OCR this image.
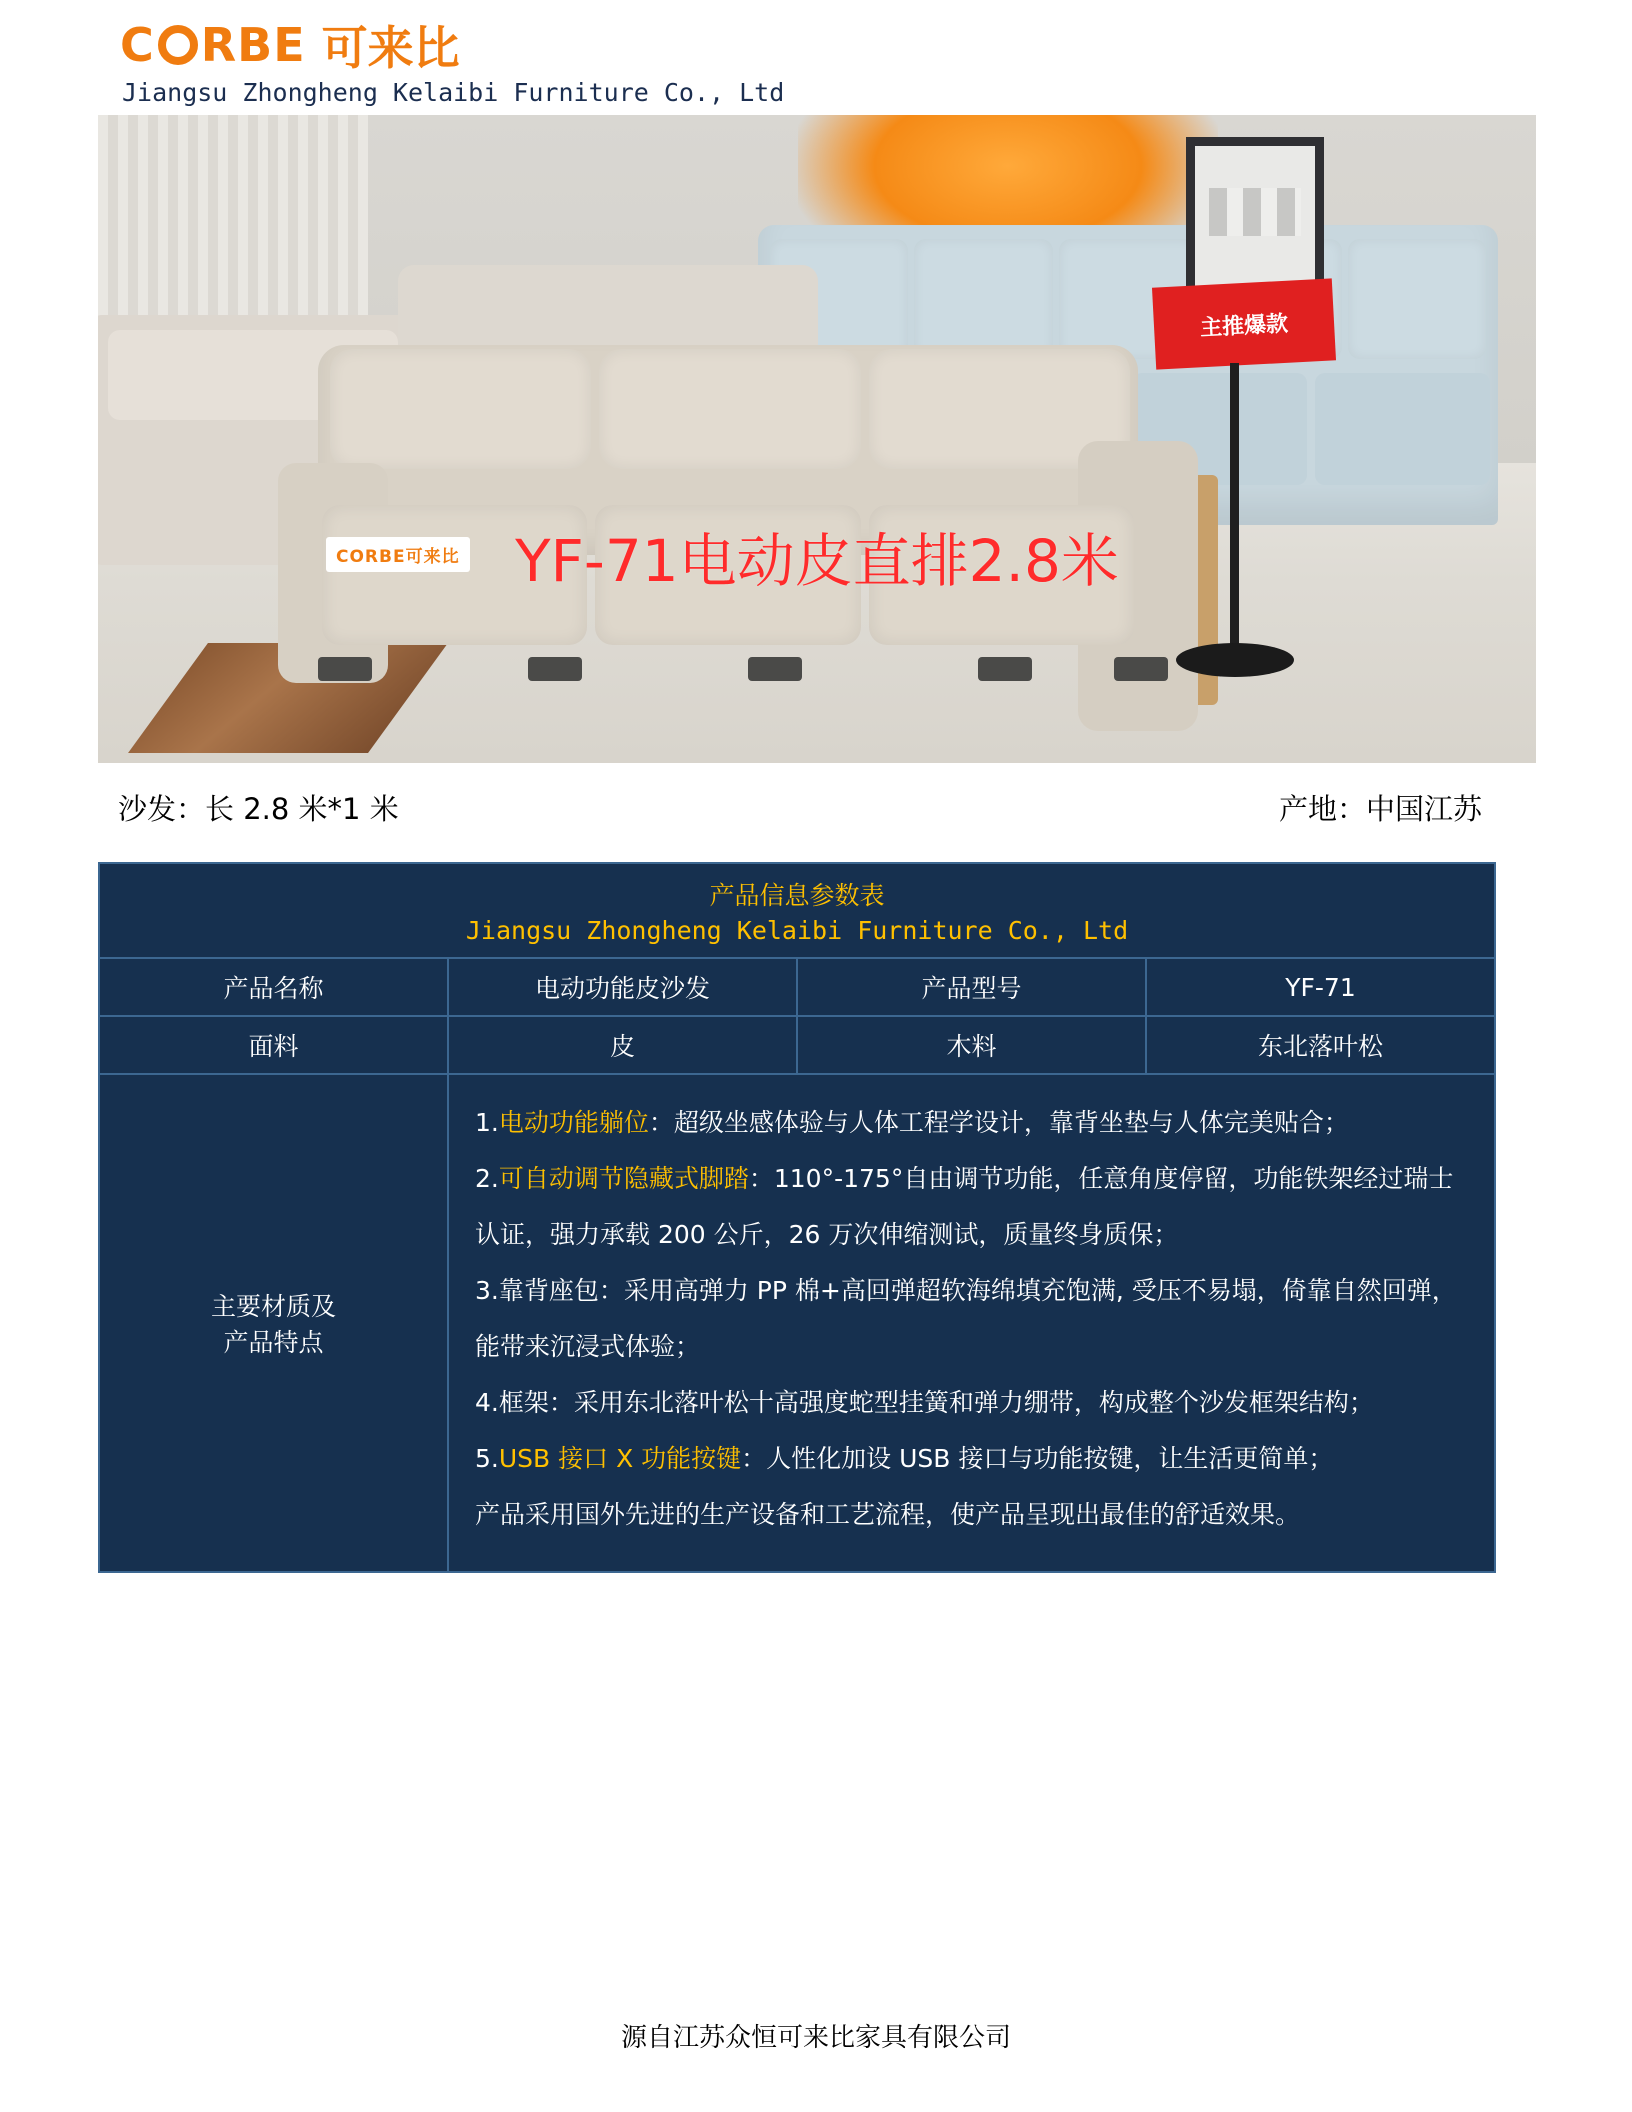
C RBE 可来比
Jiangsu Zhongheng Kelaibi Furniture Co., Ltd
CORBE可来比
主推爆款
YF-71电动皮直排2.8米
沙发：长 2.8 米*1 米	产地：中国江苏
产品信息参数表			
Jiangsu Zhongheng Kelaibi Furniture Co., Ltd			
产品名称	电动功能皮沙发	产品型号	YF-71
面料	皮	木料	东北落叶松

主要材质及
产品特点

1.电动功能躺位：超级坐感体验与人体工程学设计，靠背坐垫与人体完美贴合；

2.可自动调节隐藏式脚踏：110°-175°自由调节功能，任意角度停留，功能铁架经过瑞士认证，强力承载 200 公斤，26 万次伸缩测试，质量终身质保；

3.靠背座包：采用高弹力 PP 棉+高回弹超软海绵填充饱满, 受压不易塌，倚靠自然回弹，能带来沉浸式体验；

4.框架：采用东北落叶松十高强度蛇型挂簧和弹力绷带，构成整个沙发框架结构；

5.USB 接口 X 功能按键：人性化加设 USB 接口与功能按键，让生活更简单；

产品采用国外先进的生产设备和工艺流程，使产品呈现出最佳的舒适效果。

源自江苏众恒可来比家具有限公司
